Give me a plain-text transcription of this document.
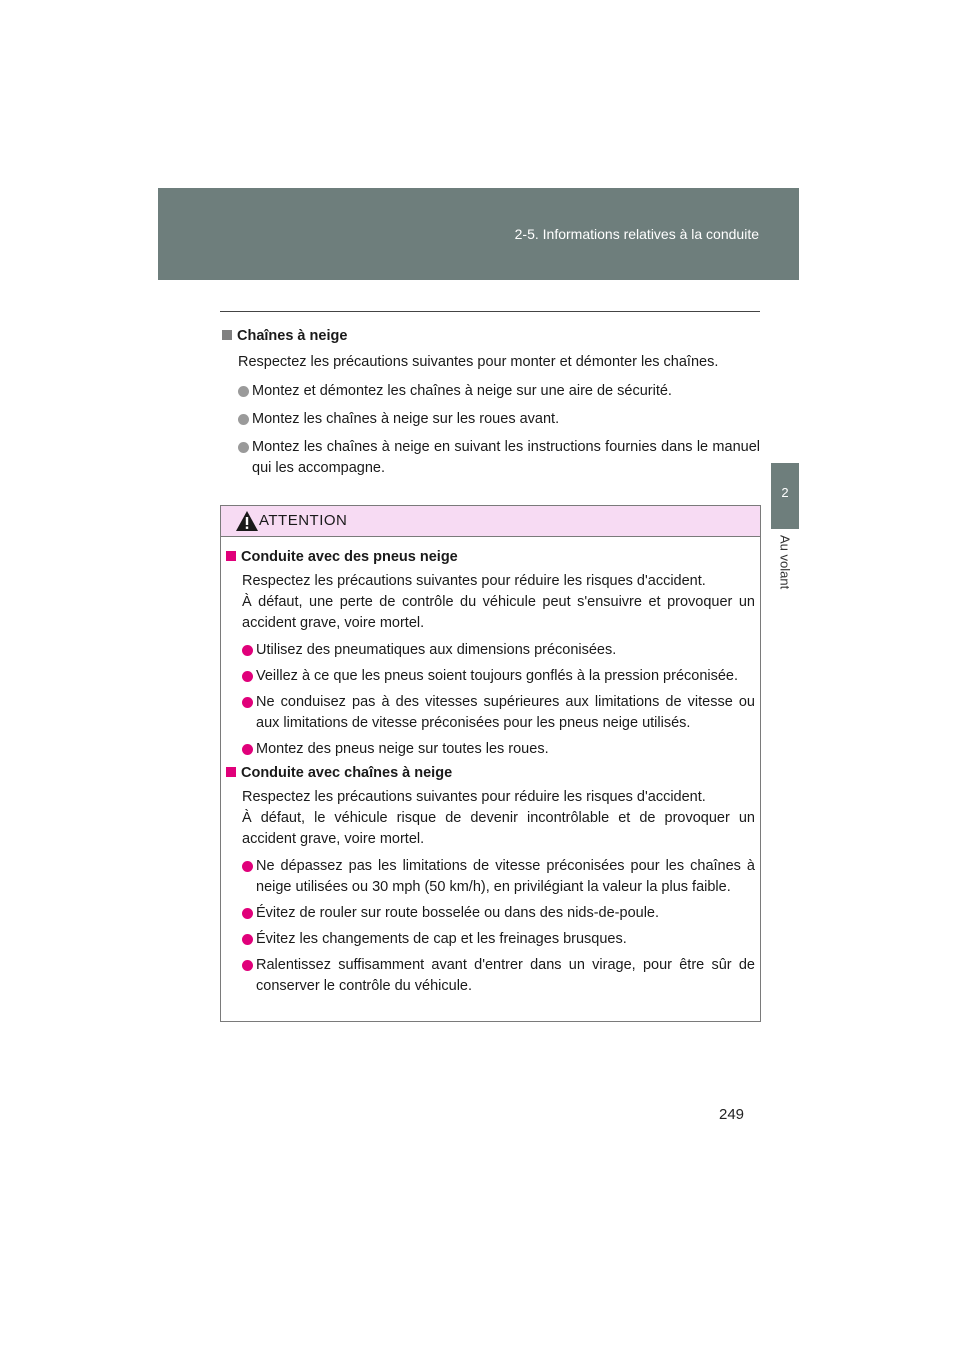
2-5. Informations relatives à la conduite
2
Au volant
Chaînes à neige
Respectez les précautions suivantes pour monter et démonter les chaînes.
Montez et démontez les chaînes à neige sur une aire de sécurité.
Montez les chaînes à neige sur les roues avant.
Montez les chaînes à neige en suivant les instructions fournies dans le manuel qui les accompagne.
ATTENTION
Conduite avec des pneus neige
Respectez les précautions suivantes pour réduire les risques d'accident.
À défaut, une perte de contrôle du véhicule peut s'ensuivre et provoquer un accident grave, voire mortel.
Utilisez des pneumatiques aux dimensions préconisées.
Veillez à ce que les pneus soient toujours gonflés à la pression préconisée.
Ne conduisez pas à des vitesses supérieures aux limitations de vitesse ou aux limitations de vitesse préconisées pour les pneus neige utilisés.
Montez des pneus neige sur toutes les roues.
Conduite avec chaînes à neige
Respectez les précautions suivantes pour réduire les risques d'accident.
À défaut, le véhicule risque de devenir incontrôlable et de provoquer un accident grave, voire mortel.
Ne dépassez pas les limitations de vitesse préconisées pour les chaînes à neige utilisées ou 30 mph (50 km/h), en privilégiant la valeur la plus faible.
Évitez de rouler sur route bosselée ou dans des nids-de-poule.
Évitez les changements de cap et les freinages brusques.
Ralentissez suffisamment avant d'entrer dans un virage, pour être sûr de conserver le contrôle du véhicule.
249
